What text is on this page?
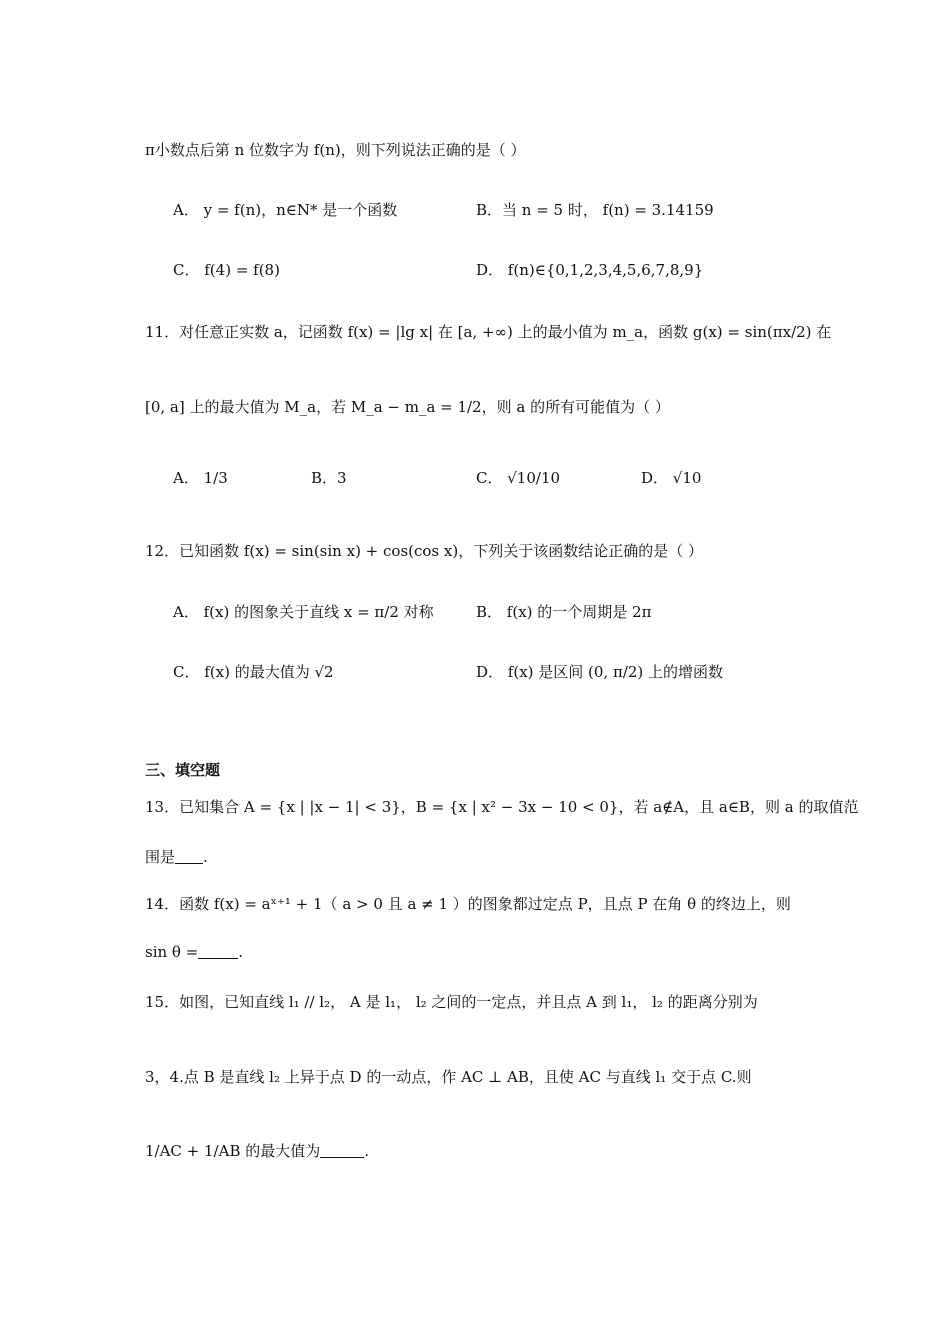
π小数点后第 n 位数字为 f(n)，则下列说法正确的是（ ）
A． y = f(n)，n∈N* 是一个函数	B．当 n = 5 时， f(n) = 3.14159
C． f(4) = f(8)	D． f(n)∈{0,1,2,3,4,5,6,7,8,9}
11．对任意正实数 a，记函数 f(x) = |lg x| 在 [a, +∞) 上的最小值为 m_a，函数 g(x) = sin(πx/2) 在
[0, a] 上的最大值为 M_a，若 M_a − m_a = 1/2，则 a 的所有可能值为（ ）
A． 1/3	B．3	C． √10/10	D． √10
12．已知函数 f(x) = sin(sin x) + cos(cos x)，下列关于该函数结论正确的是（ ）
A． f(x) 的图象关于直线 x = π/2 对称	B． f(x) 的一个周期是 2π
C． f(x) 的最大值为 √2	D． f(x) 是区间 (0, π/2) 上的增函数
三、填空题
13．已知集合 A = {x | |x − 1| < 3}，B = {x | x² − 3x − 10 < 0}，若 a∉A，且 a∈B，则 a 的取值范
围是 .
14．函数 f(x) = aˣ⁺¹ + 1（ a > 0 且 a ≠ 1 ）的图象都过定点 P，且点 P 在角 θ 的终边上，则
sin θ =	.
15．如图，已知直线 l₁ // l₂， A 是 l₁， l₂ 之间的一定点，并且点 A 到 l₁， l₂ 的距离分别为
3，4.点 B 是直线 l₂ 上异于点 D 的一动点，作 AC ⊥ AB，且使 AC 与直线 l₁ 交于点 C.则
1/AC + 1/AB 的最大值为	.
